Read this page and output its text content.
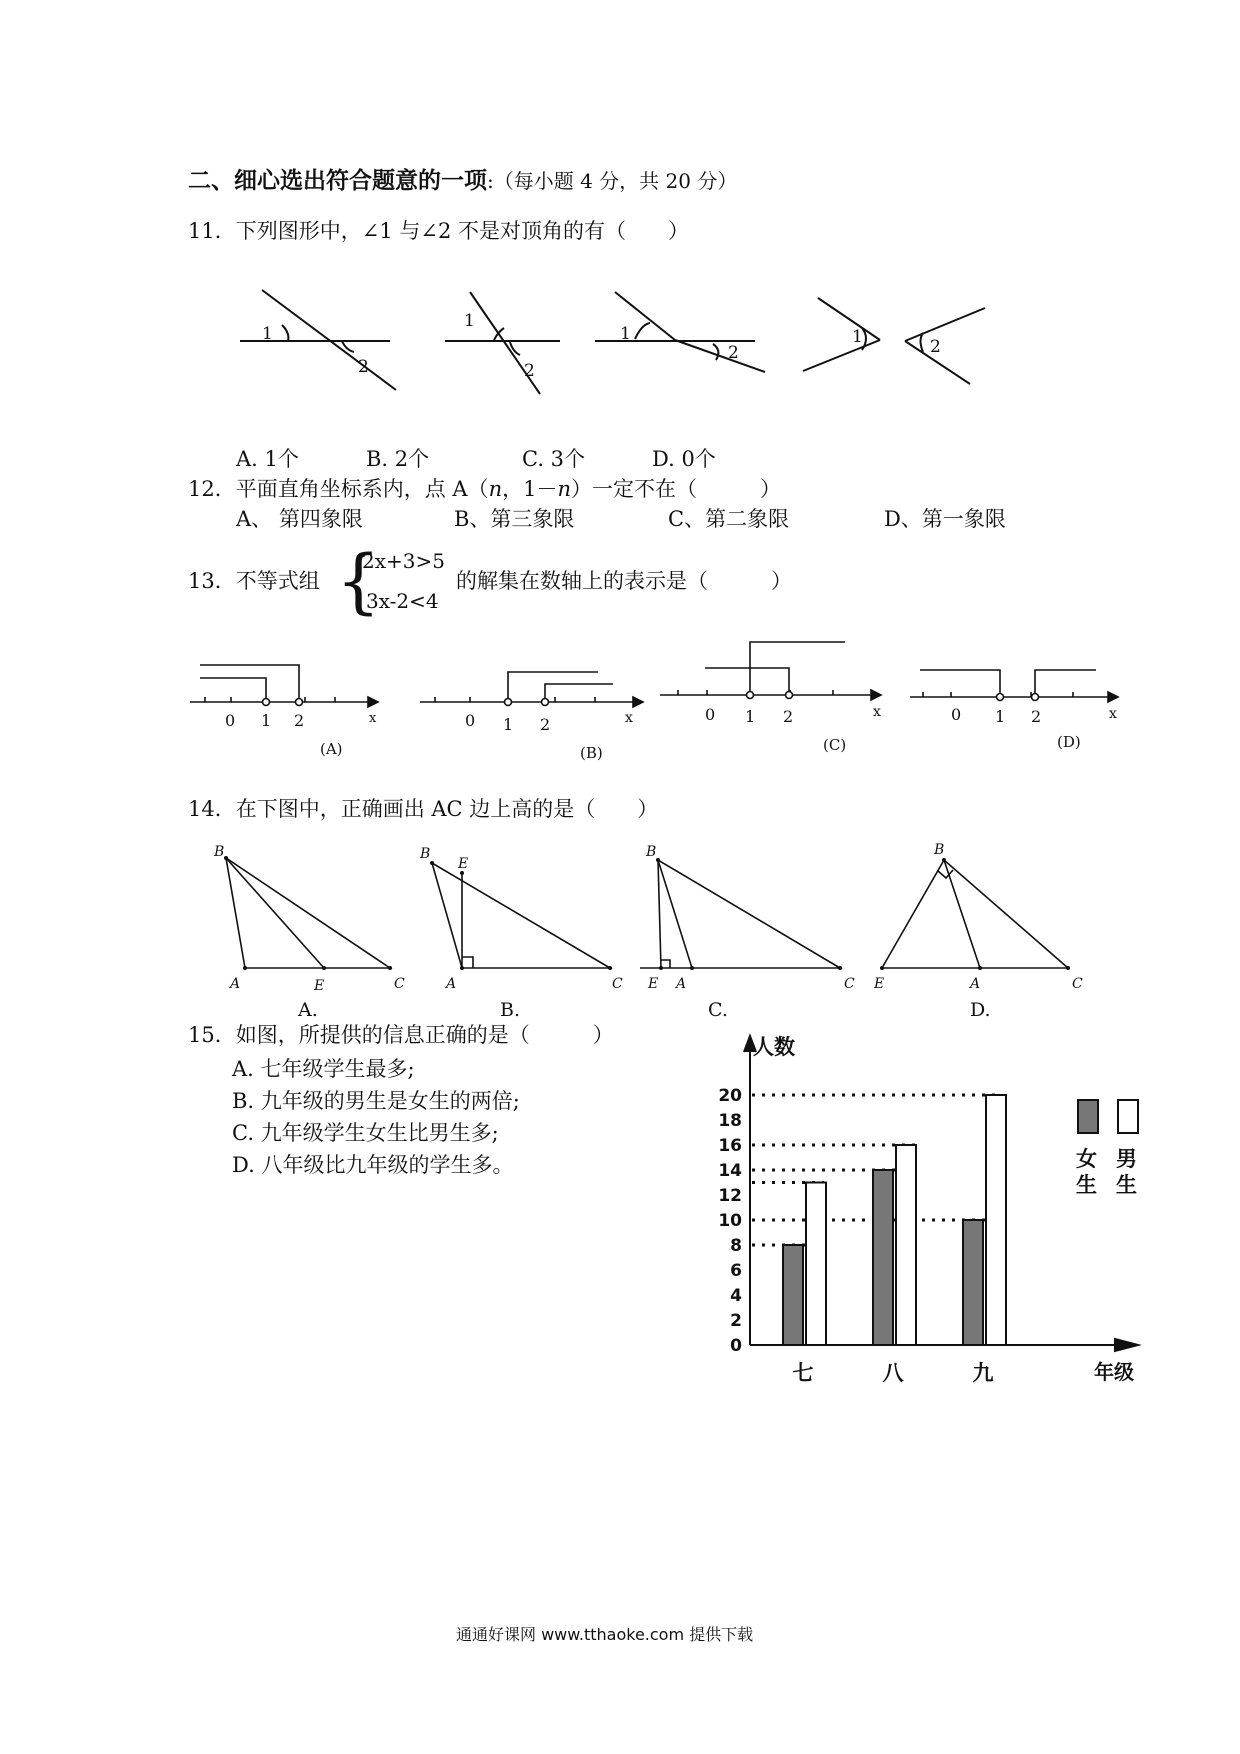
二、细心选出符合题意的一项:（每小题 4 分，共 20 分）
11．下列图形中，∠1 与∠2 不是对顶角的有（　　）
1
2
1
2
1
2
1	2
A. 1个	B. 2个	C. 3个	D. 0个
12．平面直角坐标系内，点 A（n，1－n）一定不在（　　　）
A、 第四象限	B、第三象限	C、第二象限	D、第一象限
13．不等式组 {
2x+3>5
3x-2<4
的解集在数轴上的表示是（　　　）
0 1 2	x
(A)
0 1 2	x
(B)
0 1 2	x
(C)
0 1 2	x
(D)
14．在下图中，正确画出 AC 边上高的是（　　）
B
A	E	C
B
E
A	C
B
E A	C
B
E	A	C
A.	B.	C.	D.
15．如图，所提供的信息正确的是（　　　）
A. 七年级学生最多;
B. 九年级的男生是女生的两倍;
C. 九年级学生女生比男生多;
D. 八年级比九年级的学生多。
0
2
4
6
8
10
12
14
16
18
20
七	八	九
人数
年级
女
生
男
生
通通好课网 www.tthaoke.com 提供下载
